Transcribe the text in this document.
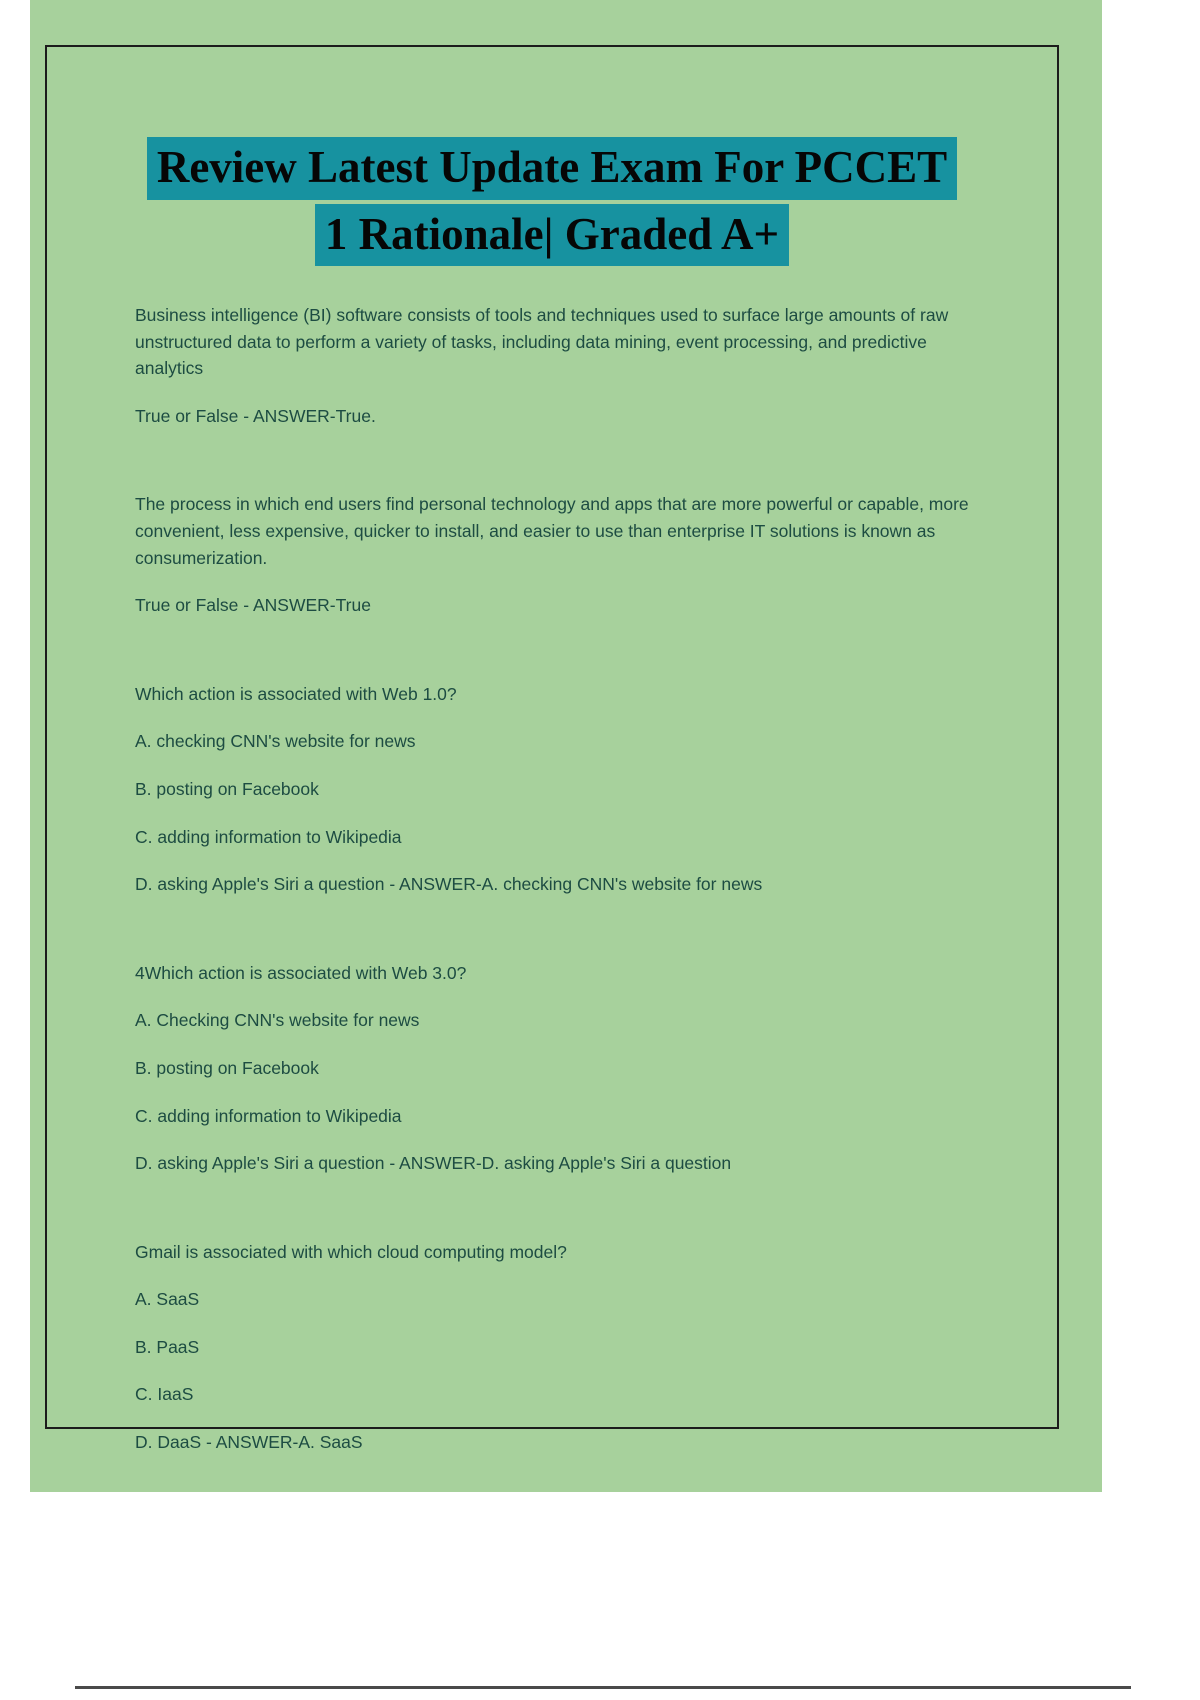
Review Latest Update Exam For PCCET
1 Rationale| Graded A+

Business intelligence (BI) software consists of tools and techniques used to surface large amounts of raw unstructured data to perform a variety of tasks, including data mining, event processing, and predictive analytics

True or False - ANSWER-True.

The process in which end users find personal technology and apps that are more powerful or capable, more convenient, less expensive, quicker to install, and easier to use than enterprise IT solutions is known as consumerization.

True or False - ANSWER-True

Which action is associated with Web 1.0?

A. checking CNN's website for news

B. posting on Facebook

C. adding information to Wikipedia

D. asking Apple's Siri a question - ANSWER-A. checking CNN's website for news

4Which action is associated with Web 3.0?

A. Checking CNN's website for news

B. posting on Facebook

C. adding information to Wikipedia

D. asking Apple's Siri a question - ANSWER-D. asking Apple's Siri a question

Gmail is associated with which cloud computing model?

A. SaaS

B. PaaS

C. IaaS

D. DaaS - ANSWER-A. SaaS
